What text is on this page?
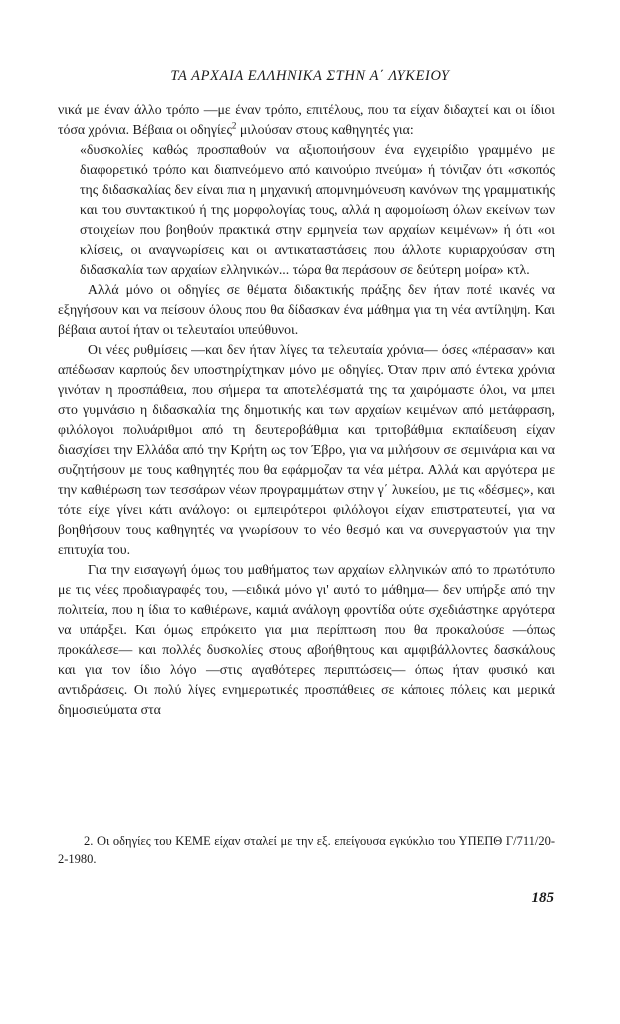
ΤΑ ΑΡΧΑΙΑ ΕΛΛΗΝΙΚΑ ΣΤΗΝ Α΄ ΛΥΚΕΙΟΥ

νικά με έναν άλλο τρόπο —με έναν τρόπο, επιτέλους, που τα είχαν διδαχτεί και οι ίδιοι τόσα χρόνια. Βέβαια οι οδηγίες$^2$ μιλούσαν στους καθηγητές για:

«δυσκολίες καθώς προσπαθούν να αξιοποιήσουν ένα εγχειρίδιο γραμμένο με διαφορετικό τρόπο και διαπνεόμενο από καινούριο πνεύμα» ή τόνιζαν ότι «σκοπός της διδασκαλίας δεν είναι πια η μηχανική απομνημόνευση κανόνων της γραμματικής και του συντακτικού ή της μορφολογίας τους, αλλά η αφομοίωση όλων εκείνων των στοιχείων που βοηθούν πρακτικά στην ερμηνεία των αρχαίων κειμένων» ή ότι «οι κλίσεις, οι αναγνωρίσεις και οι αντικαταστάσεις που άλλοτε κυριαρχούσαν στη διδασκαλία των αρχαίων ελληνικών... τώρα θα περάσουν σε δεύτερη μοίρα» κτλ.

Αλλά μόνο οι οδηγίες σε θέματα διδακτικής πράξης δεν ήταν ποτέ ικανές να εξηγήσουν και να πείσουν όλους που θα δίδασκαν ένα μάθημα για τη νέα αντίληψη. Και βέβαια αυτοί ήταν οι τελευταίοι υπεύθυνοι.

Οι νέες ρυθμίσεις —και δεν ήταν λίγες τα τελευταία χρόνια— όσες «πέρασαν» και απέδωσαν καρπούς δεν υποστηρίχτηκαν μόνο με οδηγίες. Όταν πριν από έντεκα χρόνια γινόταν η προσπάθεια, που σήμερα τα αποτελέσματά της τα χαιρόμαστε όλοι, να μπει στο γυμνάσιο η διδασκαλία της δημοτικής και των αρχαίων κειμένων από μετάφραση, φιλόλογοι πολυάριθμοι από τη δευτεροβάθμια και τριτοβάθμια εκπαίδευση είχαν διασχίσει την Ελλάδα από την Κρήτη ως τον Έβρο, για να μιλήσουν σε σεμινάρια και να συζητήσουν με τους καθηγητές που θα εφάρμοζαν τα νέα μέτρα. Αλλά και αργότερα με την καθιέρωση των τεσσάρων νέων προγραμμάτων στην γ΄ λυκείου, με τις «δέσμες», και τότε είχε γίνει κάτι ανάλογο: οι εμπειρότεροι φιλόλογοι είχαν επιστρατευτεί, για να βοηθήσουν τους καθηγητές να γνωρίσουν το νέο θεσμό και να συνεργαστούν για την επιτυχία του.

Για την εισαγωγή όμως του μαθήματος των αρχαίων ελληνικών από το πρωτότυπο με τις νέες προδιαγραφές του, —ειδικά μόνο γι' αυτό το μάθημα— δεν υπήρξε από την πολιτεία, που η ίδια το καθιέρωνε, καμιά ανάλογη φροντίδα ούτε σχεδιάστηκε αργότερα να υπάρξει. Και όμως επρόκειτο για μια περίπτωση που θα προκαλούσε —όπως προκάλεσε— και πολλές δυσκολίες στους αβοήθητους και αμφιβάλλοντες δασκάλους και για τον ίδιο λόγο —στις αγαθότερες περιπτώσεις— όπως ήταν φυσικό και αντιδράσεις. Οι πολύ λίγες ενημερωτικές προσπάθειες σε κάποιες πόλεις και μερικά δημοσιεύματα στα

2. Οι οδηγίες του ΚΕΜΕ είχαν σταλεί με την εξ. επείγουσα εγκύκλιο του ΥΠΕΠΘ Γ/711/20-2-1980.

185
